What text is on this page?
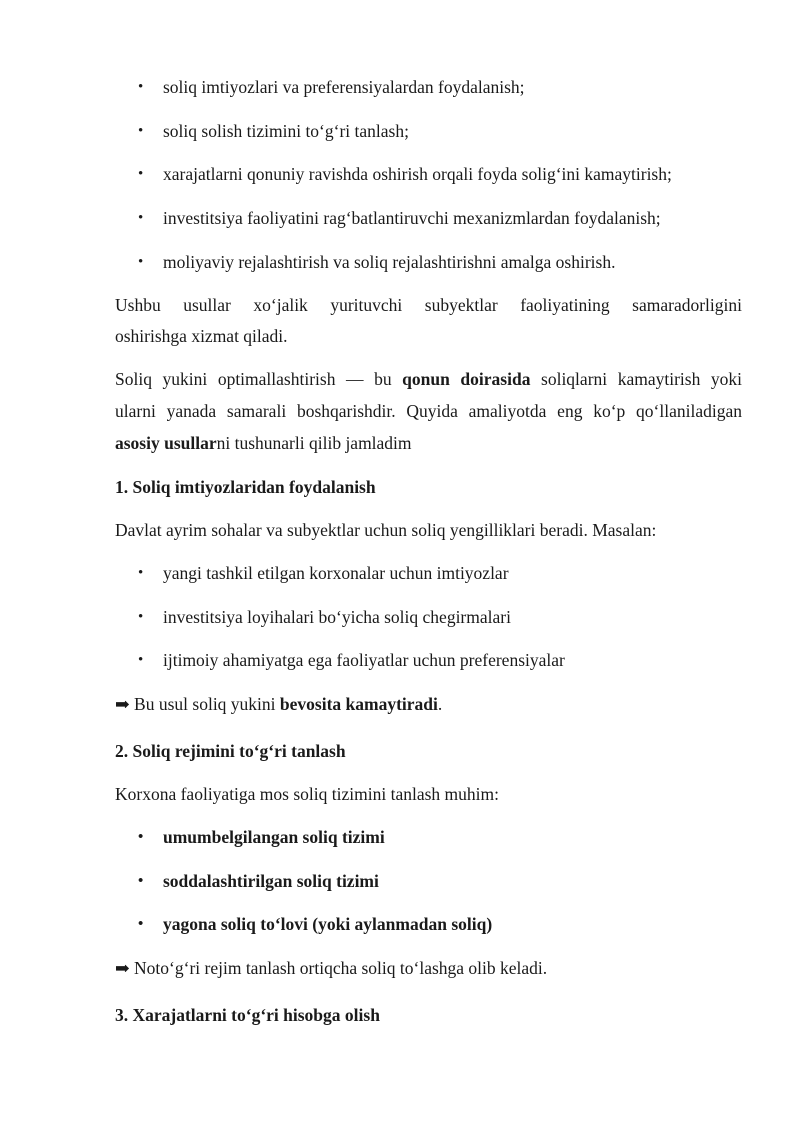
• soliq imtiyozlari va preferensiyalardan foydalanish;
• soliq solish tizimini to‘g‘ri tanlash;
• xarajatlarni qonuniy ravishda oshirish orqali foyda solig‘ini kamaytirish;
• investitsiya faoliyatini rag‘batlantiruvchi mexanizmlardan foydalanish;
• moliyaviy rejalashtirish va soliq rejalashtirishni amalga oshirish.
Ushbu usullar xo‘jalik yurituvchi subyektlar faoliyatining samaradorligini
oshirishga xizmat qiladi.
Soliq yukini optimallashtirish — bu qonun doirasida soliqlarni kamaytirish yoki
ularni yanada samarali boshqarishdir. Quyida amaliyotda eng ko‘p qo‘llaniladigan
asosiy usullarni tushunarli qilib jamladim
1. Soliq imtiyozlaridan foydalanish
Davlat ayrim sohalar va subyektlar uchun soliq yengilliklari beradi. Masalan:
• yangi tashkil etilgan korxonalar uchun imtiyozlar
• investitsiya loyihalari bo‘yicha soliq chegirmalari
• ijtimoiy ahamiyatga ega faoliyatlar uchun preferensiyalar
➡ Bu usul soliq yukini bevosita kamaytiradi.
2. Soliq rejimini to‘g‘ri tanlash
Korxona faoliyatiga mos soliq tizimini tanlash muhim:
• umumbelgilangan soliq tizimi
• soddalashtirilgan soliq tizimi
• yagona soliq to‘lovi (yoki aylanmadan soliq)
➡ Noto‘g‘ri rejim tanlash ortiqcha soliq to‘lashga olib keladi.
3. Xarajatlarni to‘g‘ri hisobga olish
